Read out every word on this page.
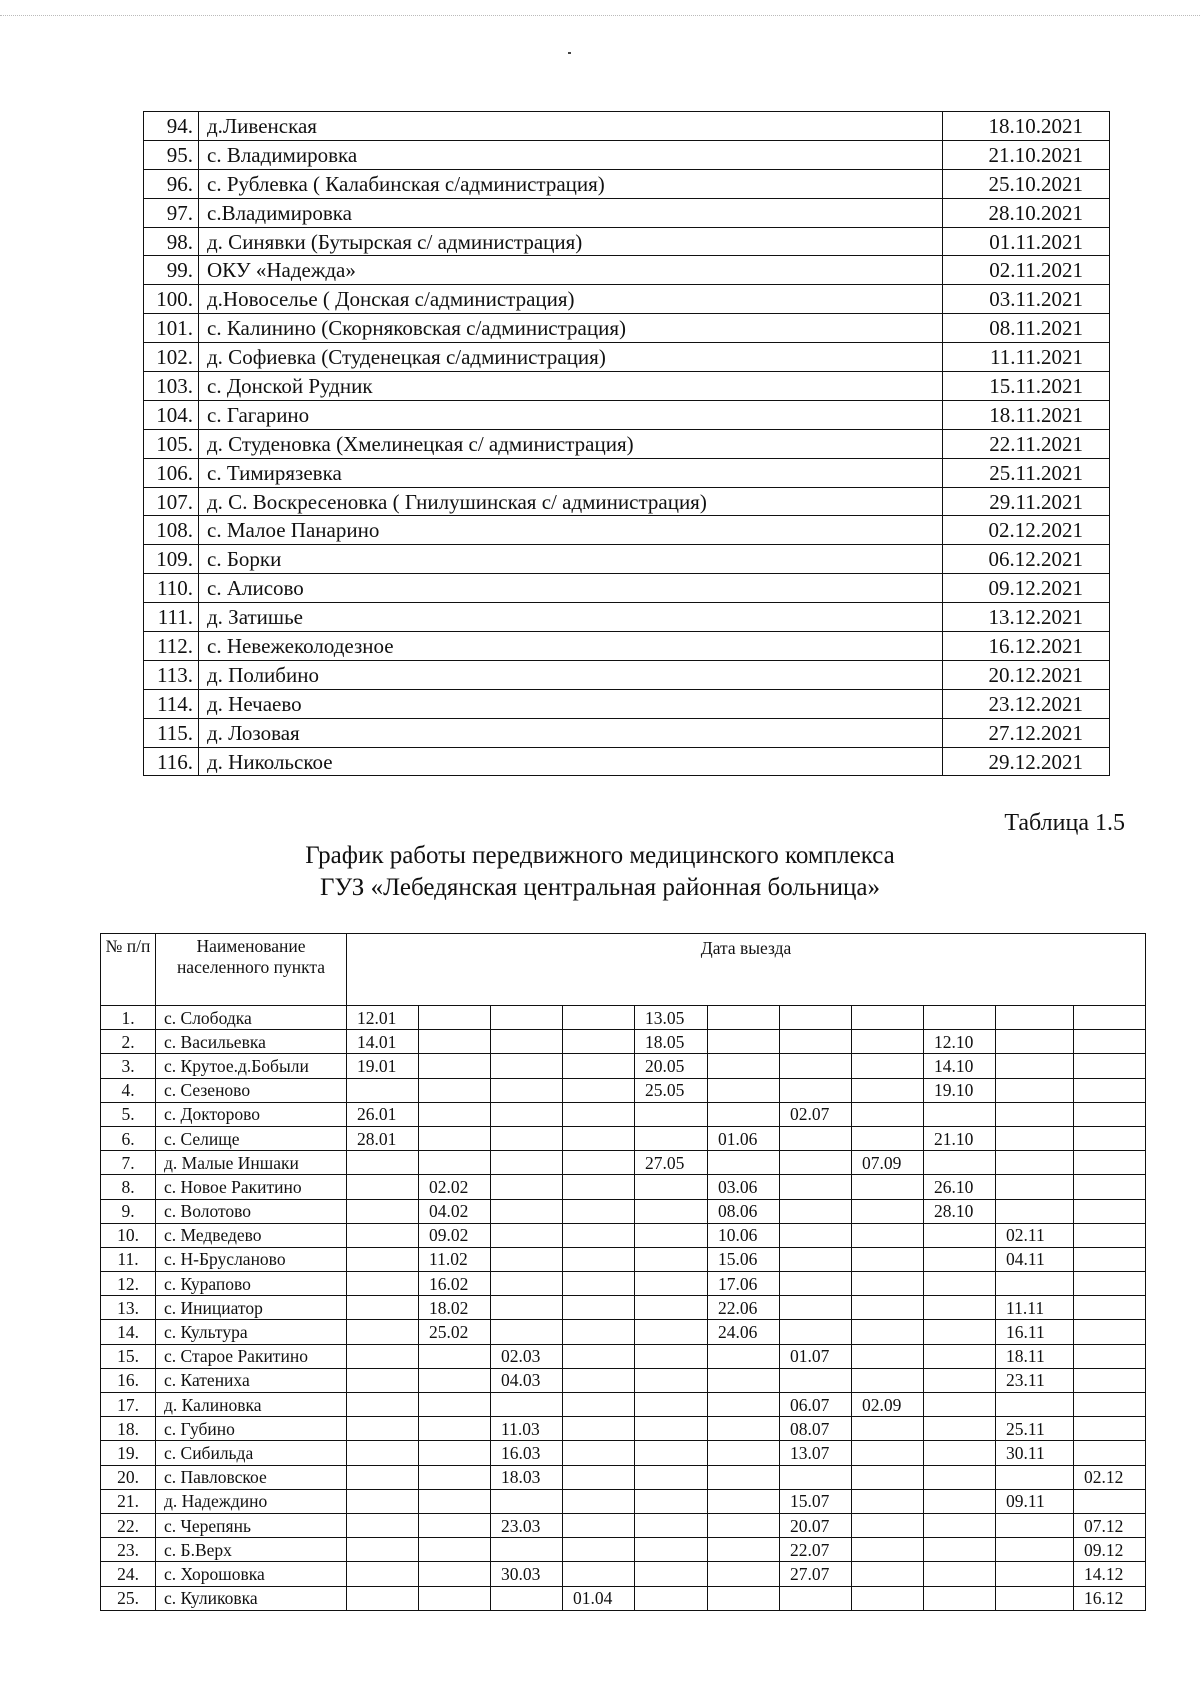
94.	д.Ливенская	18.10.2021
95.	с. Владимировка	21.10.2021
96.	с. Рублевка ( Калабинская с/администрация)	25.10.2021
97.	с.Владимировка	28.10.2021
98.	д. Синявки (Бутырская с/ администрация)	01.11.2021
99.	ОКУ «Надежда»	02.11.2021
100.	д.Новоселье ( Донская с/администрация)	03.11.2021
101.	с. Калинино (Скорняковская с/администрация)	08.11.2021
102.	д. Софиевка (Студенецкая с/администрация)	11.11.2021
103.	с. Донской Рудник	15.11.2021
104.	с. Гагарино	18.11.2021
105.	д. Студеновка (Хмелинецкая с/ администрация)	22.11.2021
106.	с. Тимирязевка	25.11.2021
107.	д. С. Воскресеновка ( Гнилушинская с/ администрация)	29.11.2021
108.	с. Малое Панарино	02.12.2021
109.	с. Борки	06.12.2021
110.	с. Алисово	09.12.2021
111.	д. Затишье	13.12.2021
112.	с. Невежеколодезное	16.12.2021
113.	д. Полибино	20.12.2021
114.	д. Нечаево	23.12.2021
115.	д. Лозовая	27.12.2021
116.	д. Никольское	29.12.2021
Таблица 1.5
График работы передвижного медицинского комплекса
ГУЗ «Лебедянская центральная районная больница»
№ п/п	Наименование населенного пункта	Дата выезда										
1.	с. Слободка	12.01				13.05						
2.	с. Васильевка	14.01				18.05				12.10		
3.	с. Крутое.д.Бобыли	19.01				20.05				14.10		
4.	с. Сезеново					25.05				19.10		
5.	с. Докторово	26.01						02.07				
6.	с. Селище	28.01					01.06			21.10		
7.	д. Малые Иншаки					27.05			07.09			
8.	с. Новое Ракитино		02.02				03.06			26.10		
9.	с. Волотово		04.02				08.06			28.10		
10.	с. Медведево		09.02				10.06				02.11	
11.	с. Н-Брусланово		11.02				15.06				04.11	
12.	с. Курапово		16.02				17.06					
13.	с. Инициатор		18.02				22.06				11.11	
14.	с. Культура		25.02				24.06				16.11	
15.	с. Старое Ракитино			02.03				01.07			18.11	
16.	с. Катениха			04.03							23.11	
17.	д. Калиновка							06.07	02.09			
18.	с. Губино			11.03				08.07			25.11	
19.	с. Сибильда			16.03				13.07			30.11	
20.	с. Павловское			18.03								02.12
21.	д. Надеждино							15.07			09.11	
22.	с. Черепянь			23.03				20.07				07.12
23.	с. Б.Верх							22.07				09.12
24.	с. Хорошовка			30.03				27.07				14.12
25.	с. Куликовка				01.04							16.12
